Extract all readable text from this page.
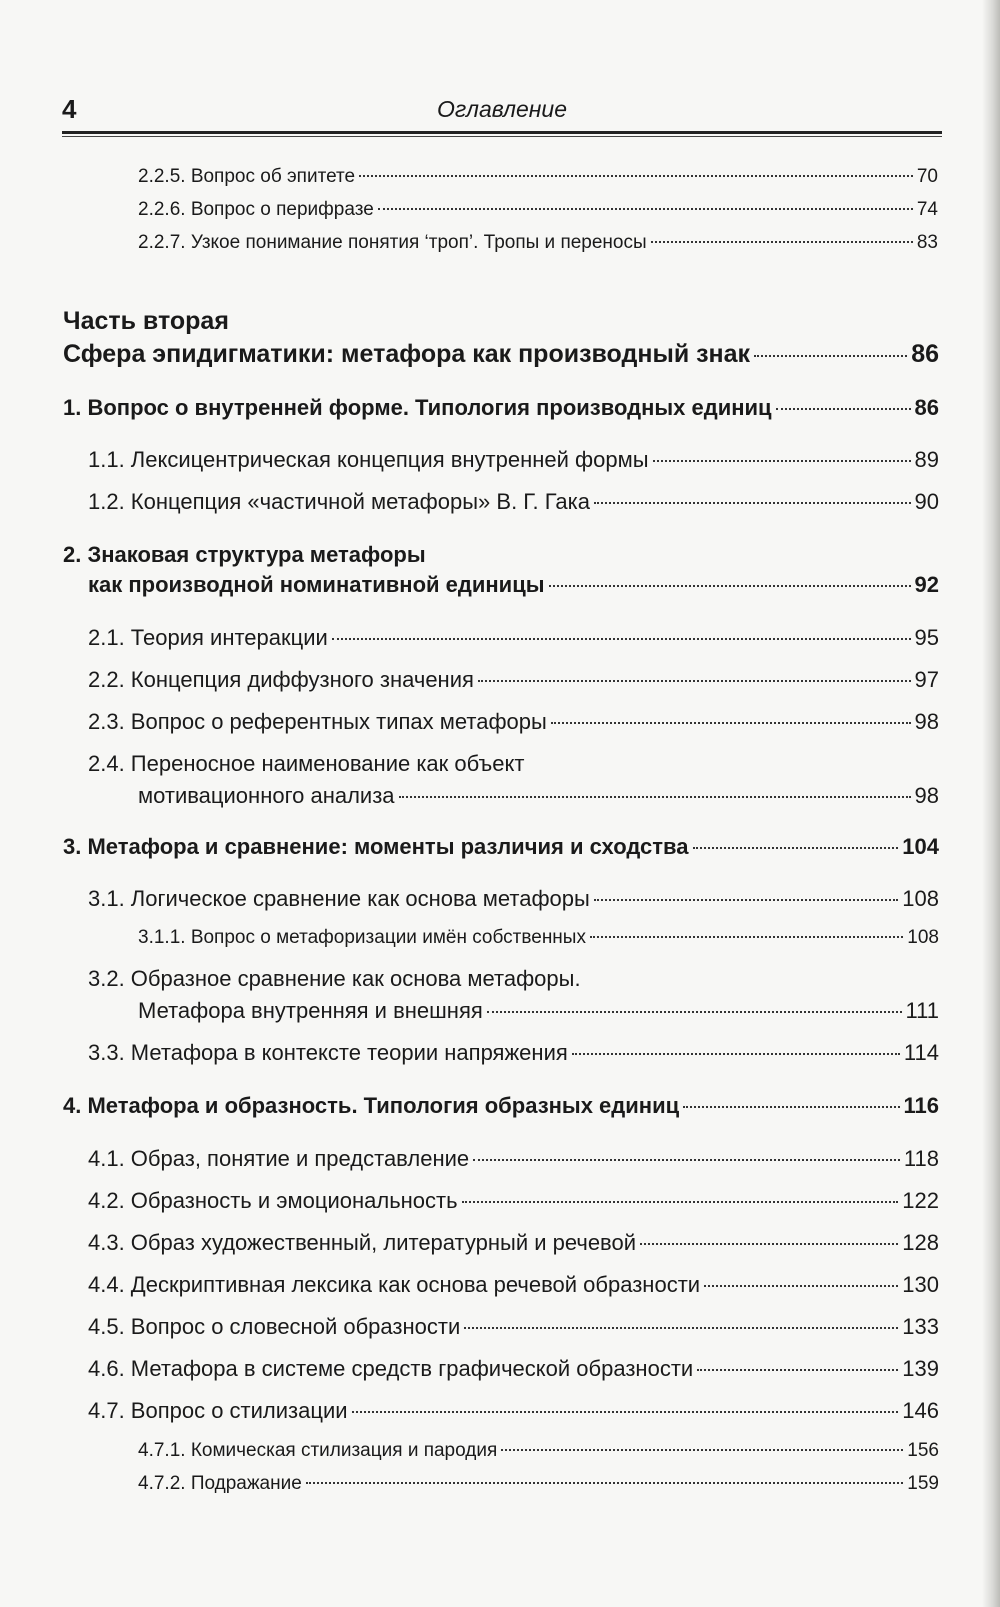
4	Оглавление
2.2.5. Вопрос об эпитете	70
2.2.6. Вопрос о перифразе	74
2.2.7. Узкое понимание понятия ‘троп’. Тропы и переносы	83
Часть вторая
Сфера эпидигматики: метафора как производный знак	86
1. Вопрос о внутренней форме. Типология производных единиц	86
1.1. Лексицентрическая концепция внутренней формы	89
1.2. Концепция «частичной метафоры» В. Г. Гака	90
2. Знаковая структура метафоры
как производной номинативной единицы	92
2.1. Теория интеракции	95
2.2. Концепция диффузного значения	97
2.3. Вопрос о референтных типах метафоры	98
2.4. Переносное наименование как объект
мотивационного анализа	98
3. Метафора и сравнение: моменты различия и сходства	104
3.1. Логическое сравнение как основа метафоры	108
3.1.1. Вопрос о метафоризации имён собственных	108
3.2. Образное сравнение как основа метафоры.
Метафора внутренняя и внешняя	111
3.3. Метафора в контексте теории напряжения	114
4. Метафора и образность. Типология образных единиц	116
4.1. Образ, понятие и представление	118
4.2. Образность и эмоциональность	122
4.3. Образ художественный, литературный и речевой	128
4.4. Дескриптивная лексика как основа речевой образности	130
4.5. Вопрос о словесной образности	133
4.6. Метафора в системе средств графической образности	139
4.7. Вопрос о стилизации	146
4.7.1. Комическая стилизация и пародия	156
4.7.2. Подражание	159
